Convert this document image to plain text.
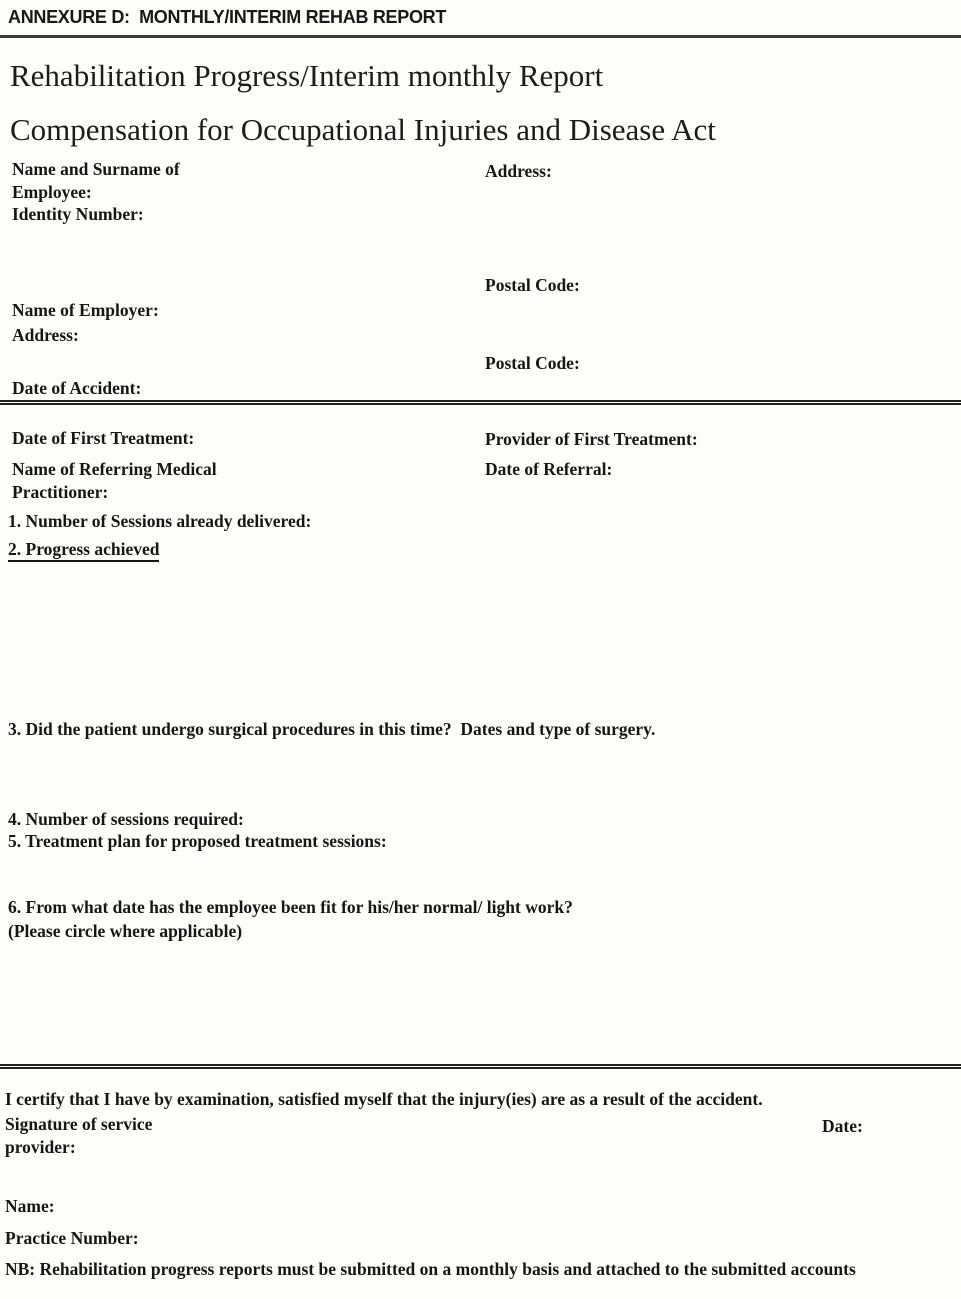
ANNEXURE D:  MONTHLY/INTERIM REHAB REPORT
Rehabilitation Progress/Interim monthly Report
Compensation for Occupational Injuries and Disease Act
Name and Surname of Employee:
Address:
Identity Number:
Postal Code:
Name of Employer:
Address:
Postal Code:
Date of Accident:
Date of First Treatment:	Provider of First Treatment:
Name of Referring Medical Practitioner:
Date of Referral:
1. Number of Sessions already delivered:
2. Progress achieved
3. Did the patient undergo surgical procedures in this time?  Dates and type of surgery.
4. Number of sessions required:
5. Treatment plan for proposed treatment sessions:
6. From what date has the employee been fit for his/her normal/ light work?
(Please circle where applicable)
I certify that I have by examination, satisfied myself that the injury(ies) are as a result of the accident.
Signature of service provider:
Date:
Name:
Practice Number:
NB: Rehabilitation progress reports must be submitted on a monthly basis and attached to the submitted accounts
